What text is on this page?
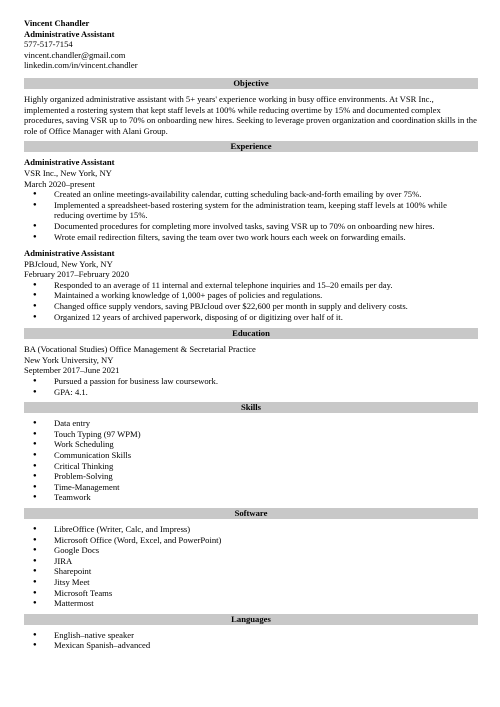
Vincent Chandler
Administrative Assistant
577-517-7154
vincent.chandler@gmail.com
linkedin.com/in/vincent.chandler
Objective
Highly organized administrative assistant with 5+ years' experience working in busy office environments. At VSR Inc., implemented a rostering system that kept staff levels at 100% while reducing overtime by 15% and documented complex procedures, saving VSR up to 70% on onboarding new hires. Seeking to leverage proven organization and coordination skills in the role of Office Manager with Alani Group.
Experience
Administrative Assistant
VSR Inc., New York, NY
March 2020–present
● Created an online meetings-availability calendar, cutting scheduling back-and-forth emailing by over 75%.
● Implemented a spreadsheet-based rostering system for the administration team, keeping staff levels at 100% while reducing overtime by 15%.
● Documented procedures for completing more involved tasks, saving VSR up to 70% on onboarding new hires.
● Wrote email redirection filters, saving the team over two work hours each week on forwarding emails.
Administrative Assistant
PBJcloud, New York, NY
February 2017–February 2020
● Responded to an average of 11 internal and external telephone inquiries and 15–20 emails per day.
● Maintained a working knowledge of 1,000+ pages of policies and regulations.
● Changed office supply vendors, saving PBJcloud over $22,600 per month in supply and delivery costs.
● Organized 12 years of archived paperwork, disposing of or digitizing over half of it.
Education
BA (Vocational Studies) Office Management & Secretarial Practice
New York University, NY
September 2017–June 2021
● Pursued a passion for business law coursework.
● GPA: 4.1.
Skills
● Data entry
● Touch Typing (97 WPM)
● Work Scheduling
● Communication Skills
● Critical Thinking
● Problem-Solving
● Time-Management
● Teamwork
Software
● LibreOffice (Writer, Calc, and Impress)
● Microsoft Office (Word, Excel, and PowerPoint)
● Google Docs
● JIRA
● Sharepoint
● Jitsy Meet
● Microsoft Teams
● Mattermost
Languages
● English–native speaker
● Mexican Spanish–advanced
